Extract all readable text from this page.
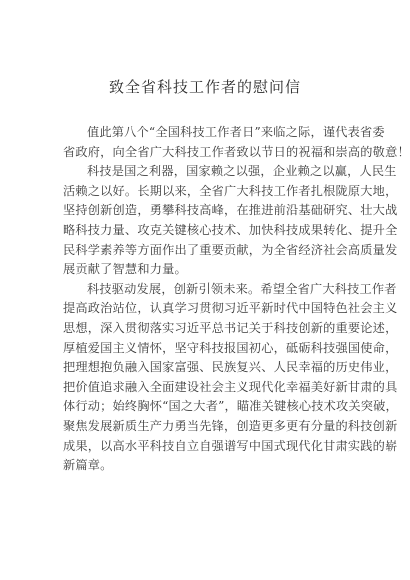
致全省科技工作者的慰问信
值此第八个“全国科技工作者日”来临之际，谨代表省委
省政府，向全省广大科技工作者致以节日的祝福和崇高的敬意！
科技是国之利器，国家赖之以强，企业赖之以赢，人民生
活赖之以好。长期以来，全省广大科技工作者扎根陇原大地，
坚持创新创造，勇攀科技高峰，在推进前沿基础研究、壮大战
略科技力量、攻克关键核心技术、加快科技成果转化、提升全
民科学素养等方面作出了重要贡献，为全省经济社会高质量发
展贡献了智慧和力量。
科技驱动发展，创新引领未来。希望全省广大科技工作者
提高政治站位，认真学习贯彻习近平新时代中国特色社会主义
思想，深入贯彻落实习近平总书记关于科技创新的重要论述，
厚植爱国主义情怀，坚守科技报国初心，砥砺科技强国使命，
把理想抱负融入国家富强、民族复兴、人民幸福的历史伟业，
把价值追求融入全面建设社会主义现代化幸福美好新甘肃的具
体行动；始终胸怀“国之大者”，瞄准关键核心技术攻关突破，
聚焦发展新质生产力勇当先锋，创造更多更有分量的科技创新
成果，以高水平科技自立自强谱写中国式现代化甘肃实践的崭
新篇章。
